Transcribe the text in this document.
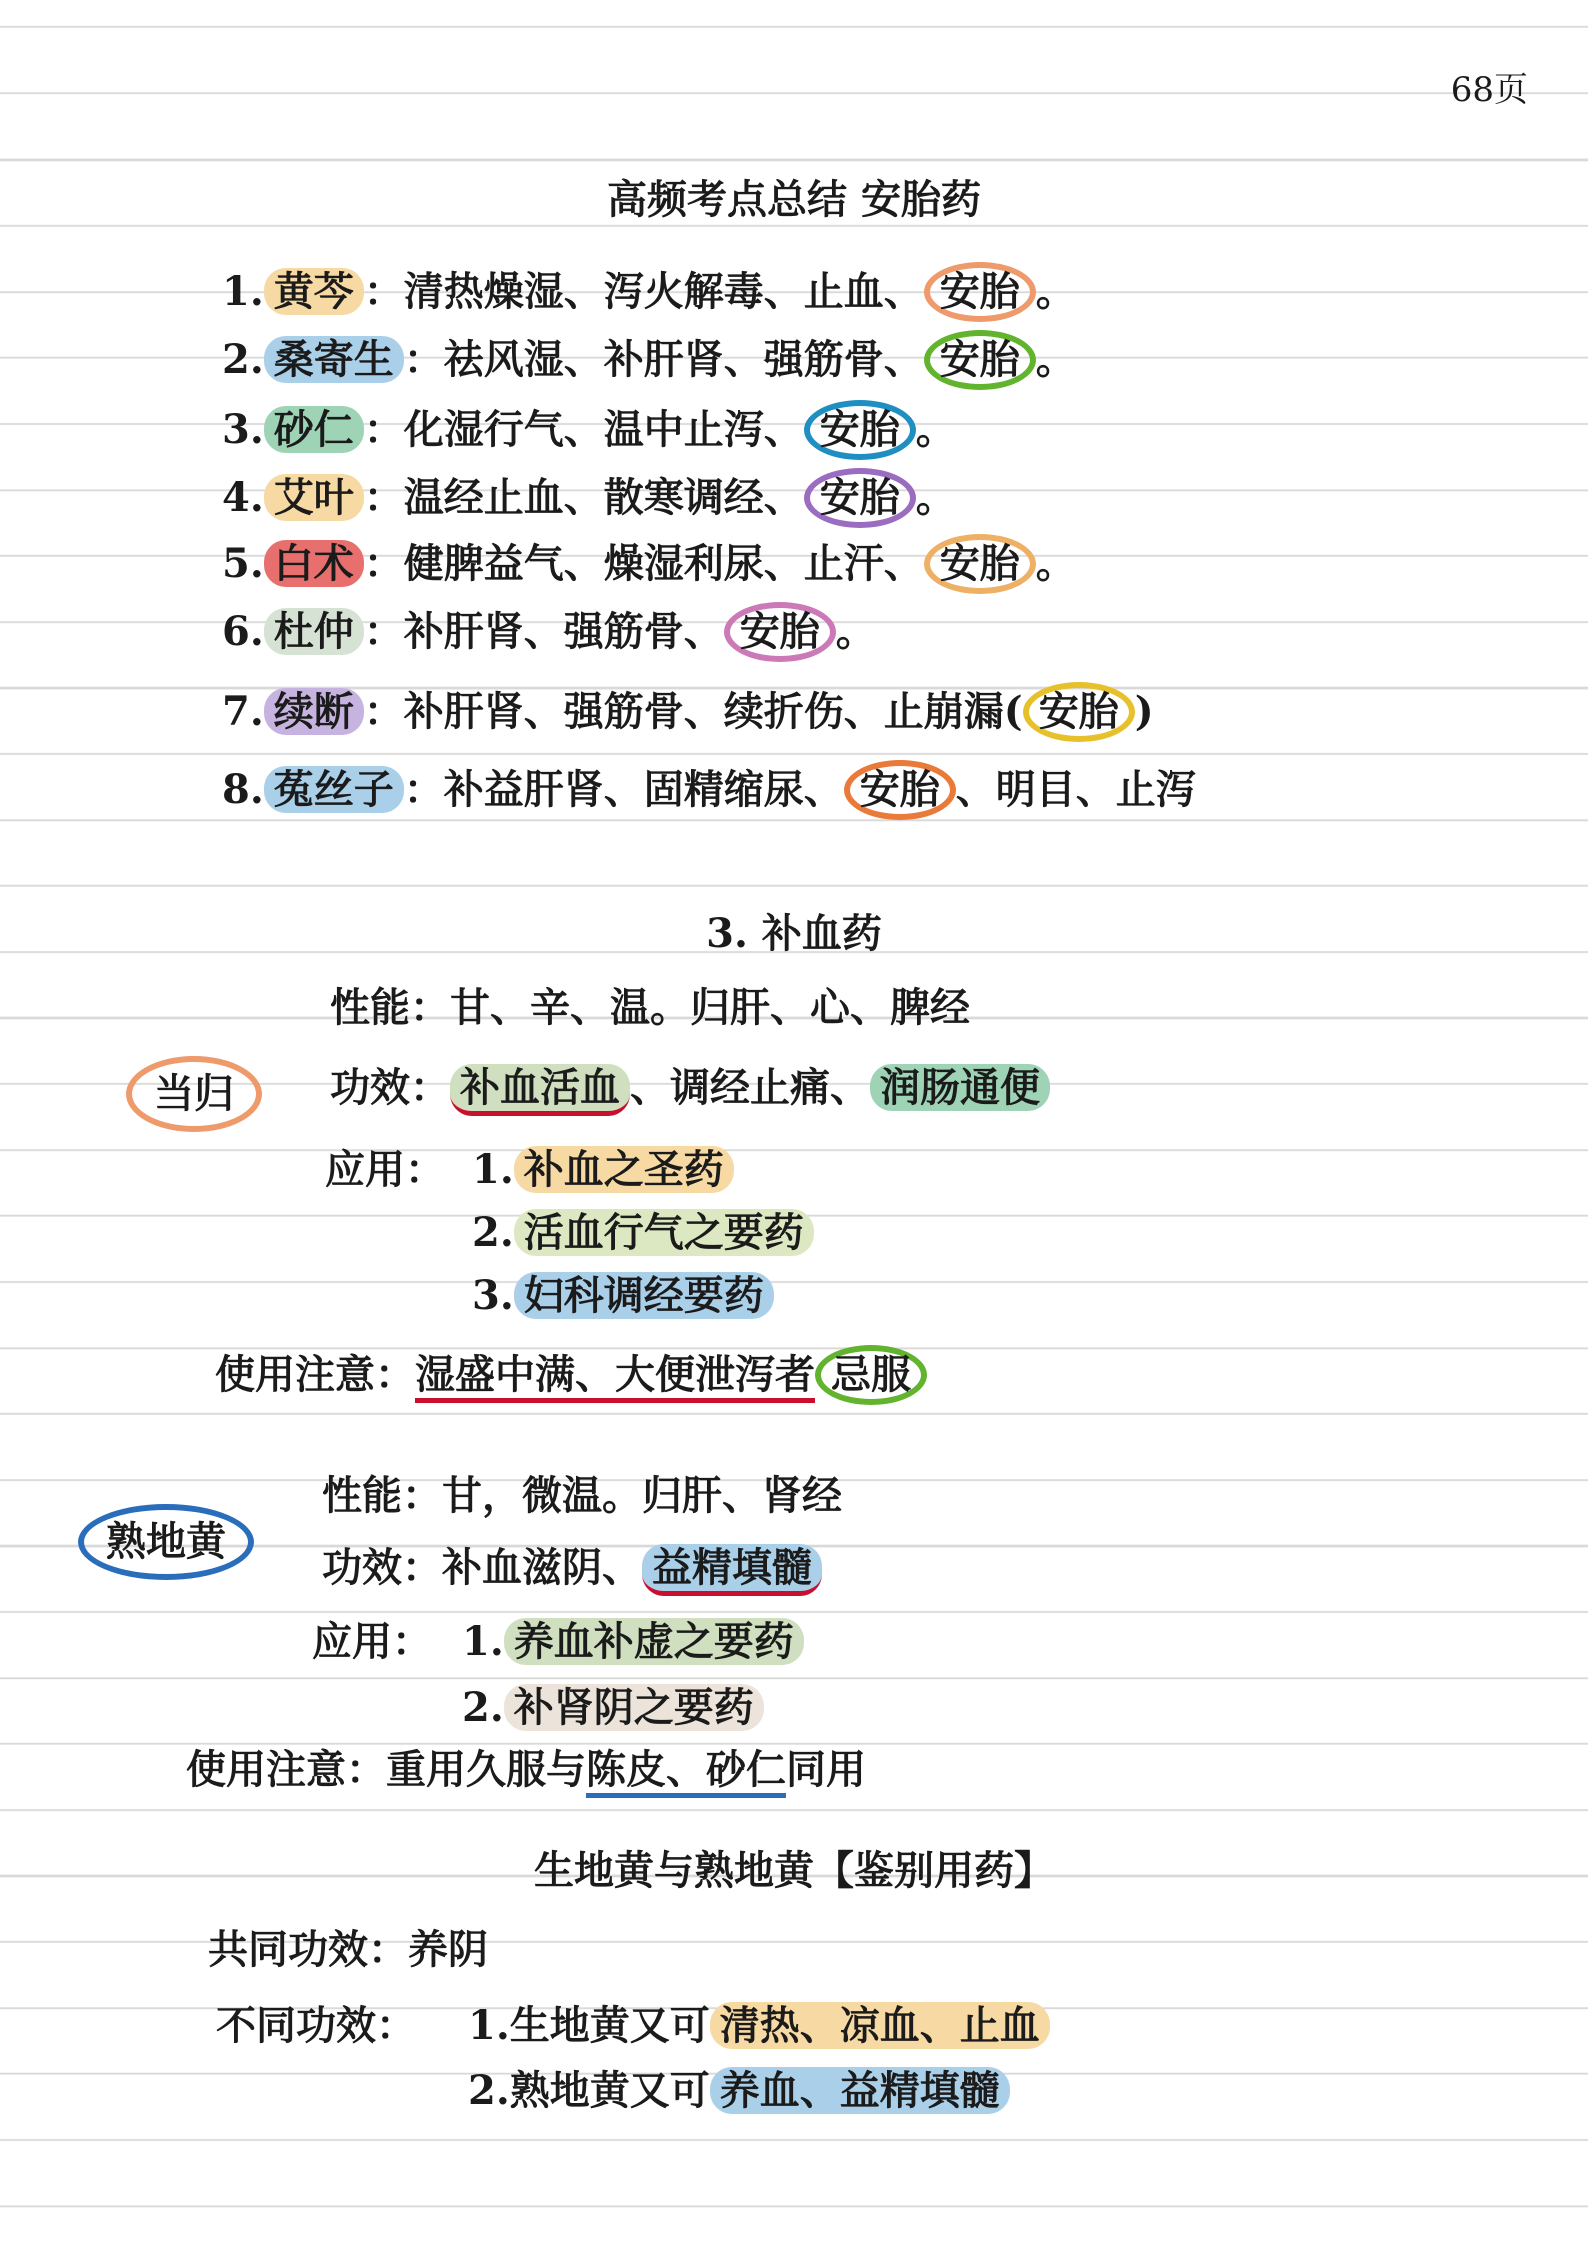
68页
高频考点总结 安胎药
1. 黄芩 ：清热燥湿、泻火解毒、止血、 安胎 。
2. 桑寄生 ：祛风湿、补肝肾、强筋骨、 安胎 。
3. 砂仁 ：化湿行气、温中止泻、 安胎 。
4. 艾叶 ：温经止血、散寒调经、 安胎 。
5. 白术 ：健脾益气、燥湿利尿、止汗、 安胎 。
6. 杜仲 ：补肝肾、强筋骨、 安胎 。
7. 续断 ：补肝肾、强筋骨、续折伤、止崩漏( 安胎 )
8. 菟丝子 ：补益肝肾、固精缩尿、 安胎 、明目、止泻
3. 补血药
当归
性能：甘、辛、温。归肝、心、脾经
功效： 补血活血 、调经止痛、 润肠通便
应用： 1. 补血之圣药
2. 活血行气之要药
3. 妇科调经要药
使用注意：湿盛中满、大便泄泻者 忌服
熟地黄
性能：甘，微温。归肝、肾经
功效：补血滋阴、 益精填髓
应用： 1. 养血补虚之要药
2. 补肾阴之要药
使用注意：重用久服与陈皮、砂仁同用
生地黄与熟地黄【鉴别用药】
共同功效：养阴
不同功效： 1.生地黄又可 清热、凉血、止血
2.熟地黄又可 养血、益精填髓
